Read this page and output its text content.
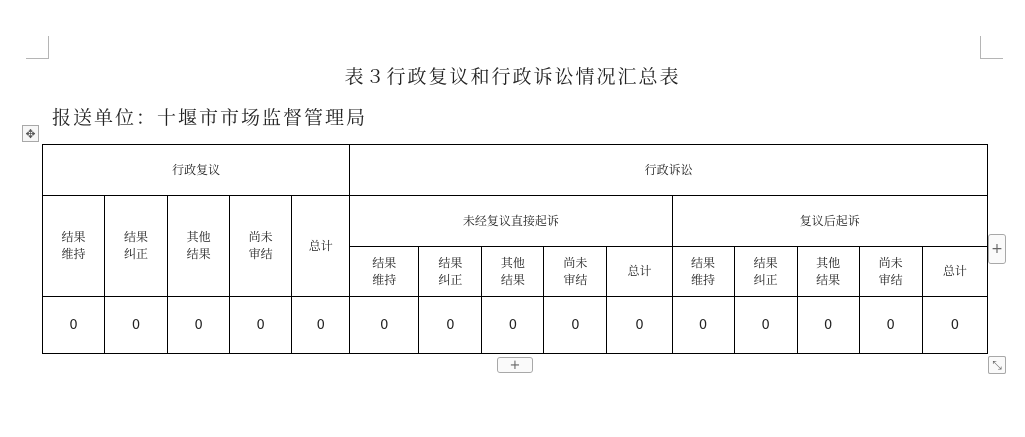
表３行政复议和行政诉讼情况汇总表
报送单位：十堰市市场监督管理局
✥
行政复议					行政诉讼									
结果维持	结果纠正	其他结果	尚未审结	总计	未经复议直接起诉					复议后起诉				
					结果维持	结果纠正	其他结果	尚未审结	总计	结果维持	结果纠正	其他结果	尚未审结	总计
0	0	0	0	0	0	0	0	0	0	0	0	0	0	0
+
+	⤡
